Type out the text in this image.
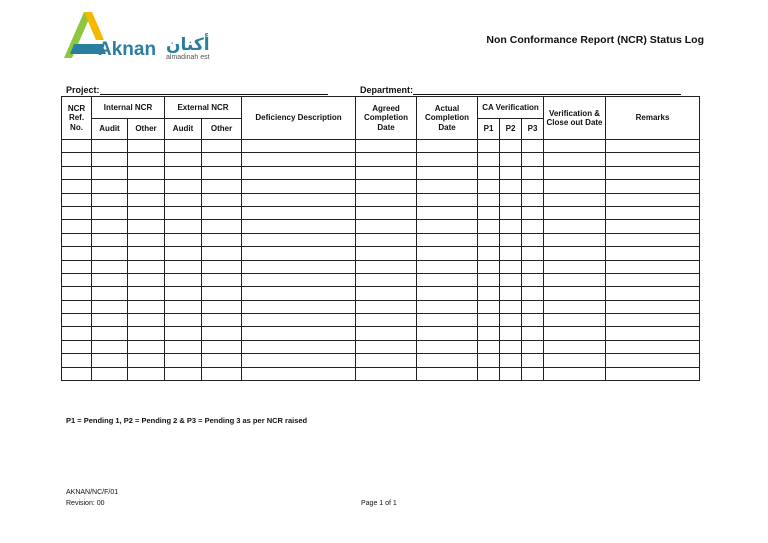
Aknan أكنان
almadinah est
Non Conformance Report (NCR) Status Log
Project:	Department:
NCR Ref. No.	Internal NCR		External NCR		Deficiency Description	Agreed Completion Date	Actual Completion Date	CA Verification			Verification & Close out Date	Remarks
	Audit	Other	Audit	Other				P1	P2	P3		

P1 = Pending 1, P2 = Pending 2 & P3 = Pending 3 as per NCR raised
AKNAN/NC/F/01
Revision: 00	Page 1 of 1
